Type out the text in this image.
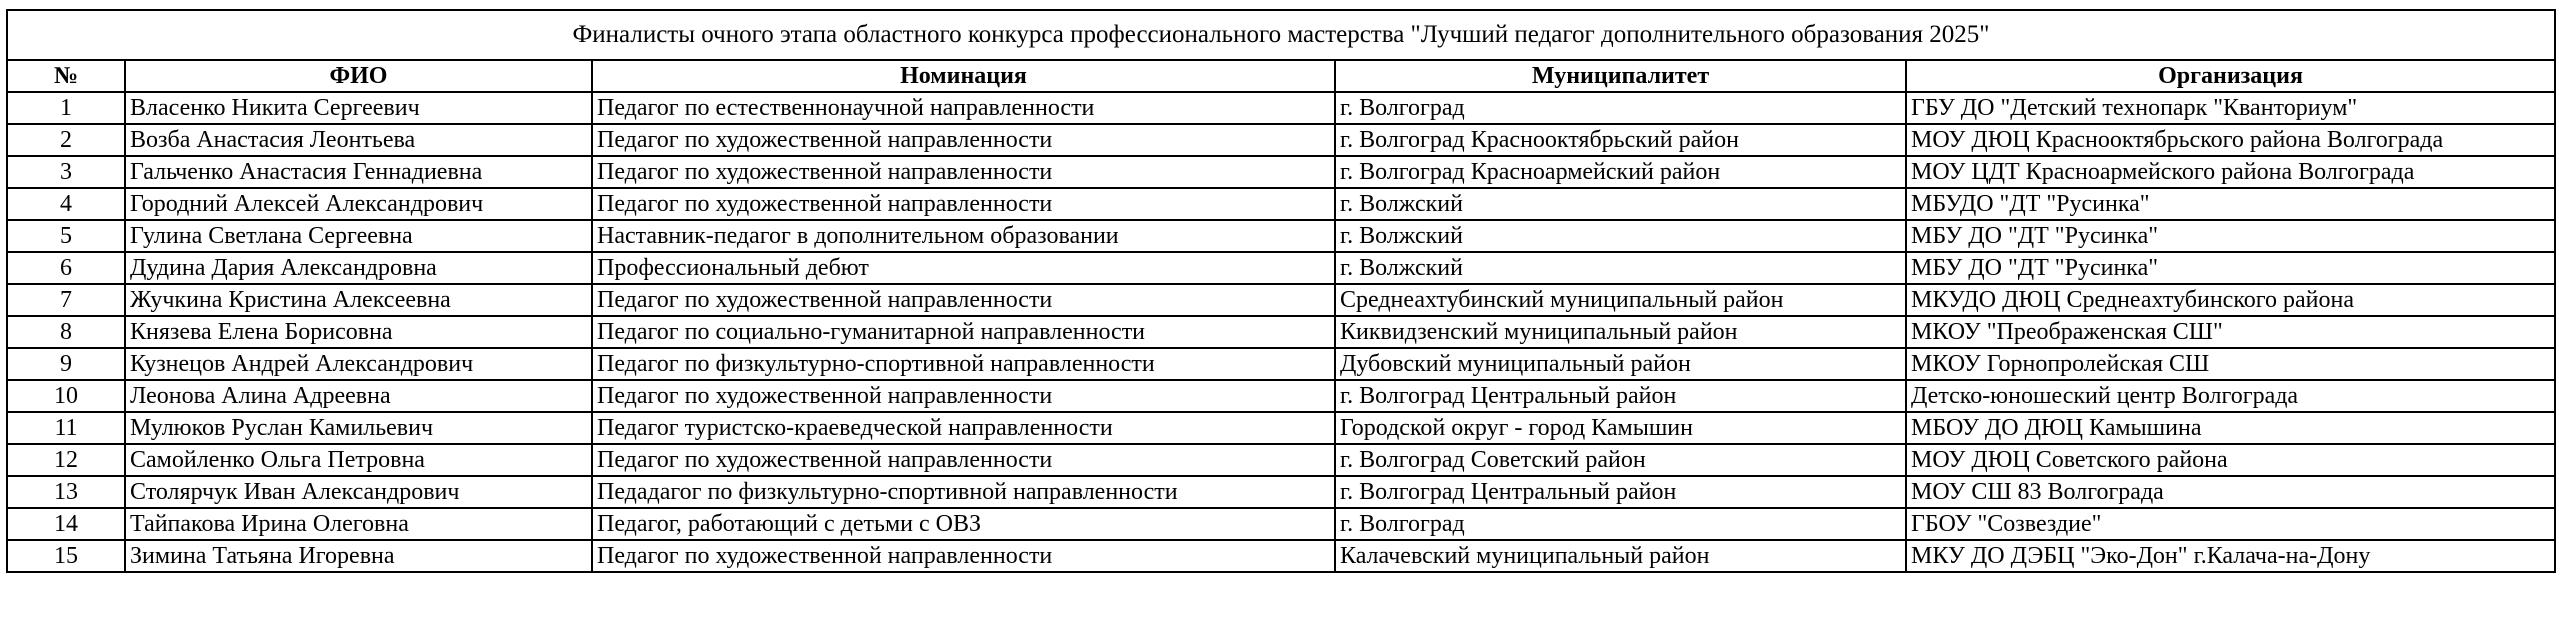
Финалисты очного этапа областного конкурса профессионального мастерства "Лучший педагог дополнительного образования 2025"				
№	ФИО	Номинация	Муниципалитет	Организация
1	Власенко Никита Сергеевич	Педагог по естественнонаучной направленности	г. Волгоград	ГБУ ДО "Детский технопарк "Кванториум"
2	Возба Анастасия Леонтьева	Педагог по художественной направленности	г. Волгоград Краснооктябрьский район	МОУ ДЮЦ Краснооктябрьского района Волгограда
3	Гальченко Анастасия Геннадиевна	Педагог по художественной направленности	г. Волгоград Красноармейский район	МОУ ЦДТ Красноармейского района Волгограда
4	Городний Алексей Александрович	Педагог по художественной направленности	г. Волжский	МБУДО "ДТ "Русинка"
5	Гулина Светлана Сергеевна	Наставник-педагог в дополнительном образовании	г. Волжский	МБУ ДО "ДТ "Русинка"
6	Дудина Дария Александровна	Профессиональный дебют	г. Волжский	МБУ ДО "ДТ "Русинка"
7	Жучкина Кристина Алексеевна	Педагог по художественной направленности	Среднеахтубинский муниципальный район	МКУДО ДЮЦ Среднеахтубинского района
8	Князева Елена Борисовна	Педагог по социально-гуманитарной направленности	Киквидзенский муниципальный район	МКОУ "Преображенская СШ"
9	Кузнецов Андрей Александрович	Педагог по физкультурно-спортивной направленности	Дубовский муниципальный район	МКОУ Горнопролейская СШ
10	Леонова Алина Адреевна	Педагог по художественной направленности	г. Волгоград Центральный район	Детско-юношеский центр Волгограда
11	Мулюков Руслан Камильевич	Педагог туристско-краеведческой направленности	Городской округ - город Камышин	МБОУ ДО ДЮЦ Камышина
12	Самойленко Ольга Петровна	Педагог по художественной направленности	г. Волгоград Советский район	МОУ ДЮЦ Советского района
13	Столярчук Иван Александрович	Педадагог по физкультурно-спортивной направленности	г. Волгоград Центральный район	МОУ СШ 83 Волгограда
14	Тайпакова Ирина Олеговна	Педагог, работающий с детьми с ОВЗ	г. Волгоград	ГБОУ "Созвездие"
15	Зимина Татьяна Игоревна	Педагог по художественной направленности	Калачевский муниципальный район	МКУ ДО ДЭБЦ "Эко-Дон" г.Калача-на-Дону
